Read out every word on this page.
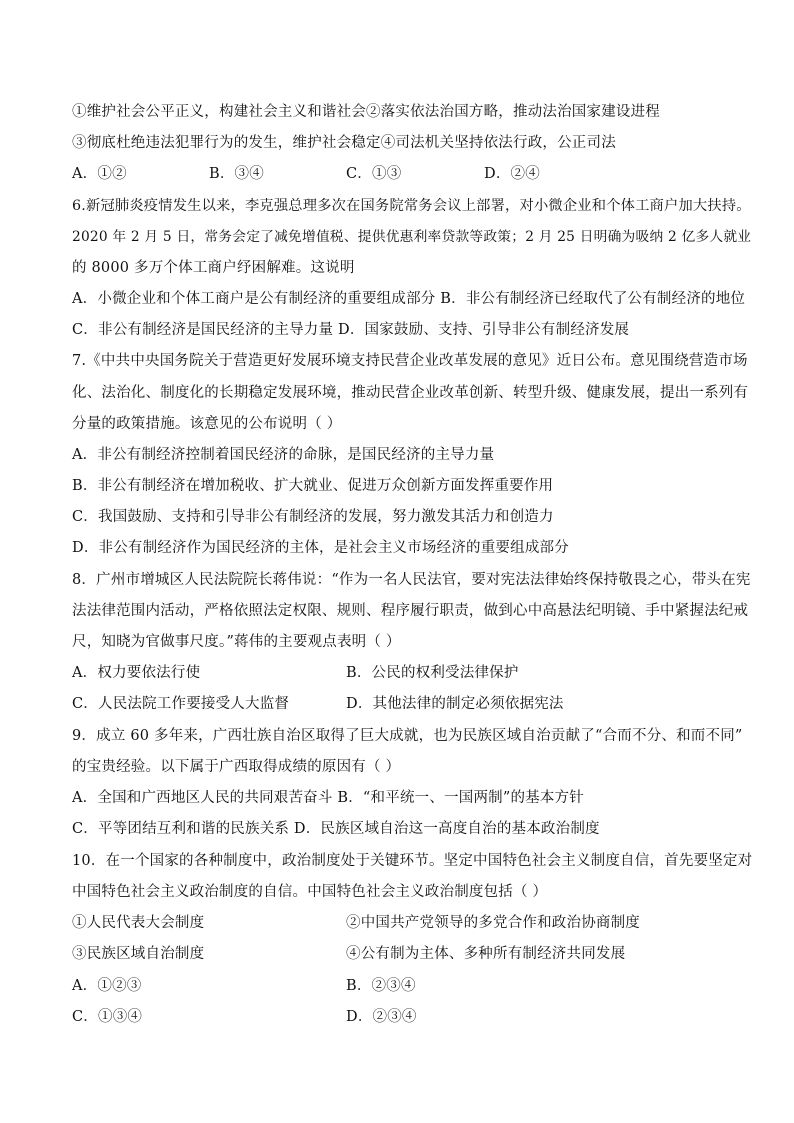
①维护社会公平正义，构建社会主义和谐社会②落实依法治国方略，推动法治国家建设进程
③彻底杜绝违法犯罪行为的发生，维护社会稳定④司法机关坚持依法行政，公正司法
A．①②	B．③④	C．①③	D．②④
6.新冠肺炎疫情发生以来，李克强总理多次在国务院常务会议上部署，对小微企业和个体工商户加大扶持。
2020 年 2 月 5 日，常务会定了减免增值税、提供优惠利率贷款等政策；2 月 25 日明确为吸纳 2 亿多人就业
的 8000 多万个体工商户纾困解难。这说明
A．小微企业和个体工商户是公有制经济的重要组成部分 B．非公有制经济已经取代了公有制经济的地位
C．非公有制经济是国民经济的主导力量 D．国家鼓励、支持、引导非公有制经济发展
7.《中共中央国务院关于营造更好发展环境支持民营企业改革发展的意见》近日公布。意见围绕营造市场
化、法治化、制度化的长期稳定发展环境，推动民营企业改革创新、转型升级、健康发展，提出一系列有
分量的政策措施。该意见的公布说明（ ）
A．非公有制经济控制着国民经济的命脉，是国民经济的主导力量
B．非公有制经济在增加税收、扩大就业、促进万众创新方面发挥重要作用
C．我国鼓励、支持和引导非公有制经济的发展，努力激发其活力和创造力
D．非公有制经济作为国民经济的主体，是社会主义市场经济的重要组成部分
8．广州市增城区人民法院院长蒋伟说：“作为一名人民法官，要对宪法法律始终保持敬畏之心，带头在宪
法法律范围内活动，严格依照法定权限、规则、程序履行职责，做到心中高悬法纪明镜、手中紧握法纪戒
尺，知晓为官做事尺度。”蒋伟的主要观点表明（ ）
A．权力要依法行使	B．公民的权利受法律保护
C．人民法院工作要接受人大监督	D．其他法律的制定必须依据宪法
9．成立 60 多年来，广西壮族自治区取得了巨大成就，也为民族区域自治贡献了“合而不分、和而不同”
的宝贵经验。以下属于广西取得成绩的原因有（ ）
A．全国和广西地区人民的共同艰苦奋斗 B．“和平统一、一国两制”的基本方针
C．平等团结互利和谐的民族关系 D．民族区域自治这一高度自治的基本政治制度
10．在一个国家的各种制度中，政治制度处于关键环节。坚定中国特色社会主义制度自信，首先要坚定对
中国特色社会主义政治制度的自信。中国特色社会主义政治制度包括（ ）
①人民代表大会制度	②中国共产党领导的多党合作和政治协商制度
③民族区域自治制度	④公有制为主体、多种所有制经济共同发展
A．①②③	B．②③④
C．①③④	D．②③④
